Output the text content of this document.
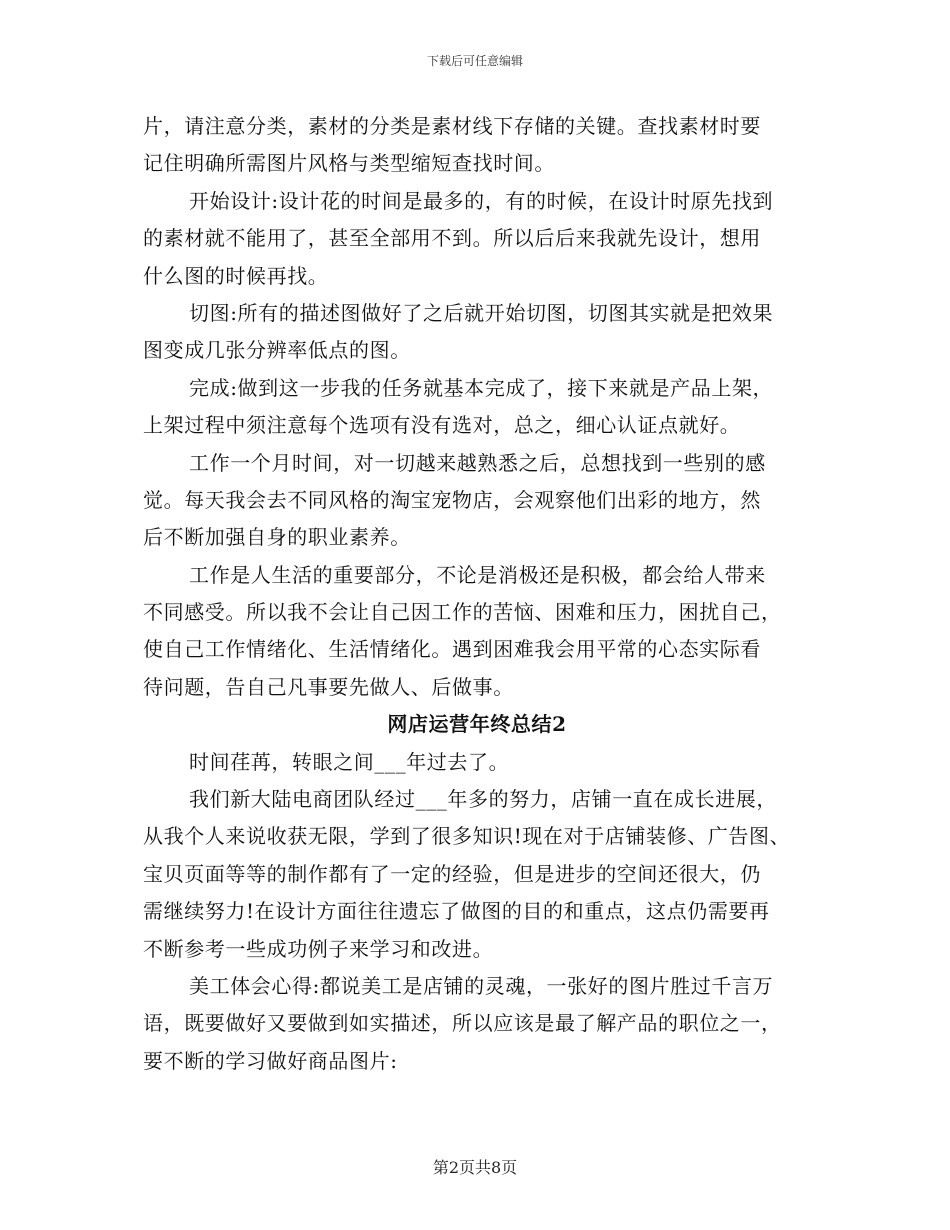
下载后可任意编辑
片，请注意分类，素材的分类是素材线下存储的关键。查找素材时要
记住明确所需图片风格与类型缩短查找时间。
开始设计:设计花的时间是最多的，有的时候，在设计时原先找到
的素材就不能用了，甚至全部用不到。所以后后来我就先设计，想用
什么图的时候再找。
切图:所有的描述图做好了之后就开始切图，切图其实就是把效果
图变成几张分辨率低点的图。
完成:做到这一步我的任务就基本完成了，接下来就是产品上架，
上架过程中须注意每个选项有没有选对，总之，细心认证点就好。
工作一个月时间，对一切越来越熟悉之后，总想找到一些别的感
觉。每天我会去不同风格的淘宝宠物店，会观察他们出彩的地方，然
后不断加强自身的职业素养。
工作是人生活的重要部分，不论是消极还是积极，都会给人带来
不同感受。所以我不会让自己因工作的苦恼、困难和压力，困扰自己，
使自己工作情绪化、生活情绪化。遇到困难我会用平常的心态实际看
待问题，告自己凡事要先做人、后做事。
网店运营年终总结2
时间荏苒，转眼之间___年过去了。
我们新大陆电商团队经过___年多的努力，店铺一直在成长进展，
从我个人来说收获无限，学到了很多知识!现在对于店铺装修、广告图、
宝贝页面等等的制作都有了一定的经验，但是进步的空间还很大，仍
需继续努力!在设计方面往往遗忘了做图的目的和重点，这点仍需要再
不断参考一些成功例子来学习和改进。
美工体会心得:都说美工是店铺的灵魂，一张好的图片胜过千言万
语，既要做好又要做到如实描述，所以应该是最了解产品的职位之一，
要不断的学习做好商品图片:
第2页共8页
